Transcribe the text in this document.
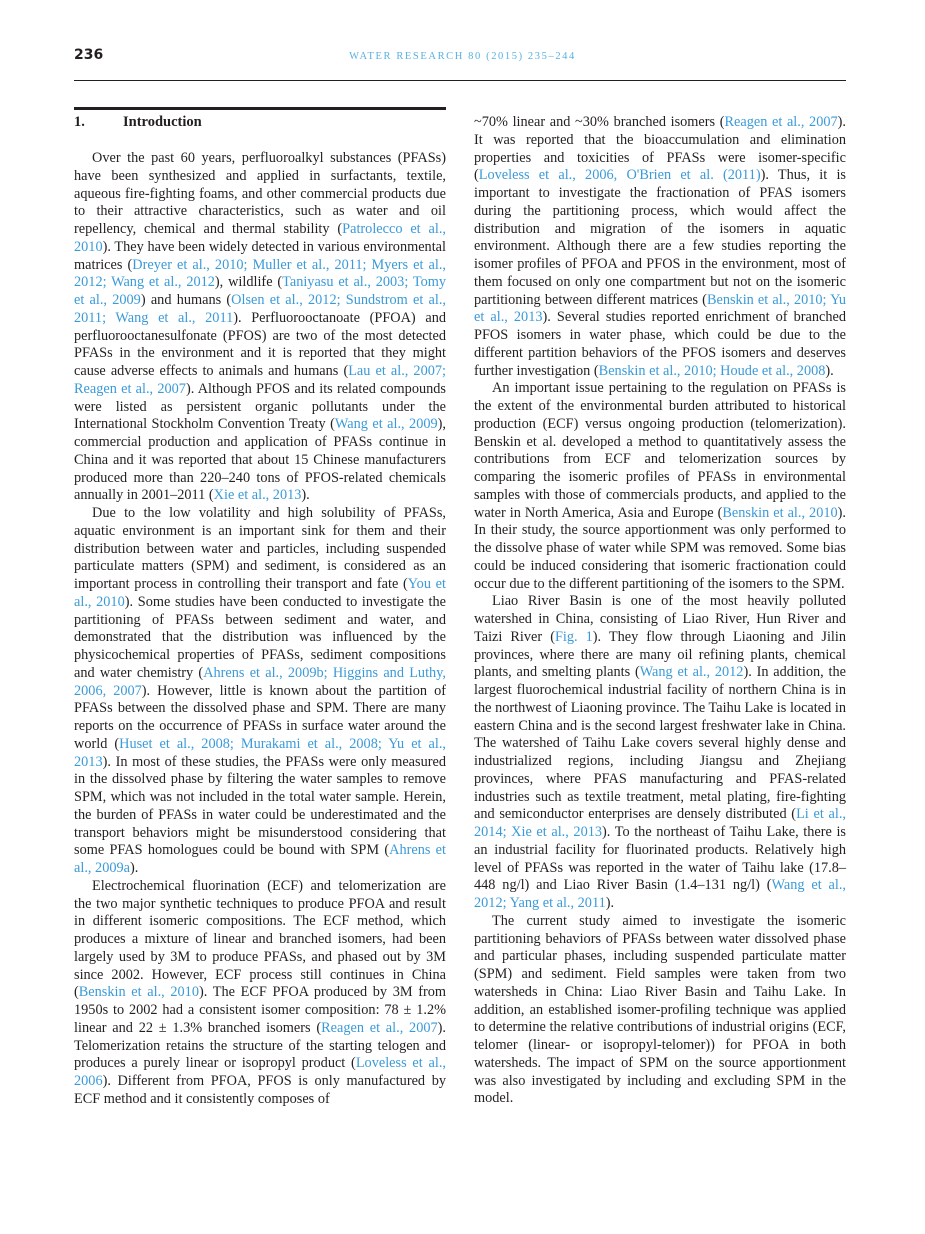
236	WATER RESEARCH 80 (2015) 235–244
1.	Introduction

Over the past 60 years, perfluoroalkyl substances (PFASs) have been synthesized and applied in surfactants, textile, aqueous fire-fighting foams, and other commercial products due to their attractive characteristics, such as water and oil repellency, chemical and thermal stability (Patrolecco et al., 2010). They have been widely detected in various environmental matrices (Dreyer et al., 2010; Muller et al., 2011; Myers et al., 2012; Wang et al., 2012), wildlife (Taniyasu et al., 2003; Tomy et al., 2009) and humans (Olsen et al., 2012; Sundstrom et al., 2011; Wang et al., 2011). Perfluorooctanoate (PFOA) and perfluorooctanesulfonate (PFOS) are two of the most detected PFASs in the environment and it is reported that they might cause adverse effects to animals and humans (Lau et al., 2007; Reagen et al., 2007). Although PFOS and its related compounds were listed as persistent organic pollutants under the International Stockholm Convention Treaty (Wang et al., 2009), commercial production and application of PFASs continue in China and it was reported that about 15 Chinese manufacturers produced more than 220–240 tons of PFOS-related chemicals annually in 2001–2011 (Xie et al., 2013).

Due to the low volatility and high solubility of PFASs, aquatic environment is an important sink for them and their distribution between water and particles, including suspended particulate matters (SPM) and sediment, is considered as an important process in controlling their transport and fate (You et al., 2010). Some studies have been conducted to investigate the partitioning of PFASs between sediment and water, and demonstrated that the distribution was influenced by the physicochemical properties of PFASs, sediment compositions and water chemistry (Ahrens et al., 2009b; Higgins and Luthy, 2006, 2007). However, little is known about the partition of PFASs between the dissolved phase and SPM. There are many reports on the occurrence of PFASs in surface water around the world (Huset et al., 2008; Murakami et al., 2008; Yu et al., 2013). In most of these studies, the PFASs were only measured in the dissolved phase by filtering the water samples to remove SPM, which was not included in the total water sample. Herein, the burden of PFASs in water could be underestimated and the transport behaviors might be misunderstood considering that some PFAS homologues could be bound with SPM (Ahrens et al., 2009a).

Electrochemical fluorination (ECF) and telomerization are the two major synthetic techniques to produce PFOA and result in different isomeric compositions. The ECF method, which produces a mixture of linear and branched isomers, had been largely used by 3M to produce PFASs, and phased out by 3M since 2002. However, ECF process still continues in China (Benskin et al., 2010). The ECF PFOA produced by 3M from 1950s to 2002 had a consistent isomer composition: 78 ± 1.2% linear and 22 ± 1.3% branched isomers (Reagen et al., 2007). Telomerization retains the structure of the starting telogen and produces a purely linear or isopropyl product (Loveless et al., 2006). Different from PFOA, PFOS is only manufactured by ECF method and it consistently composes of

~70% linear and ~30% branched isomers (Reagen et al., 2007). It was reported that the bioaccumulation and elimination properties and toxicities of PFASs were isomer-specific (Loveless et al., 2006, O'Brien et al. (2011)). Thus, it is important to investigate the fractionation of PFAS isomers during the partitioning process, which would affect the distribution and migration of the isomers in aquatic environment. Although there are a few studies reporting the isomer profiles of PFOA and PFOS in the environment, most of them focused on only one compartment but not on the isomeric partitioning between different matrices (Benskin et al., 2010; Yu et al., 2013). Several studies reported enrichment of branched PFOS isomers in water phase, which could be due to the different partition behaviors of the PFOS isomers and deserves further investigation (Benskin et al., 2010; Houde et al., 2008).

An important issue pertaining to the regulation on PFASs is the extent of the environmental burden attributed to historical production (ECF) versus ongoing production (telomerization). Benskin et al. developed a method to quantitatively assess the contributions from ECF and telomerization sources by comparing the isomeric profiles of PFASs in environmental samples with those of commercials products, and applied to the water in North America, Asia and Europe (Benskin et al., 2010). In their study, the source apportionment was only performed to the dissolve phase of water while SPM was removed. Some bias could be induced considering that isomeric fractionation could occur due to the different partitioning of the isomers to the SPM.

Liao River Basin is one of the most heavily polluted watershed in China, consisting of Liao River, Hun River and Taizi River (Fig. 1). They flow through Liaoning and Jilin provinces, where there are many oil refining plants, chemical plants, and smelting plants (Wang et al., 2012). In addition, the largest fluorochemical industrial facility of northern China is in the northwest of Liaoning province. The Taihu Lake is located in eastern China and is the second largest freshwater lake in China. The watershed of Taihu Lake covers several highly dense and industrialized regions, including Jiangsu and Zhejiang provinces, where PFAS manufacturing and PFAS-related industries such as textile treatment, metal plating, fire-fighting and semiconductor enterprises are densely distributed (Li et al., 2014; Xie et al., 2013). To the northeast of Taihu Lake, there is an industrial facility for fluorinated products. Relatively high level of PFASs was reported in the water of Taihu lake (17.8–448 ng/l) and Liao River Basin (1.4–131 ng/l) (Wang et al., 2012; Yang et al., 2011).

The current study aimed to investigate the isomeric partitioning behaviors of PFASs between water dissolved phase and particular phases, including suspended particulate matter (SPM) and sediment. Field samples were taken from two watersheds in China: Liao River Basin and Taihu Lake. In addition, an established isomer-profiling technique was applied to determine the relative contributions of industrial origins (ECF, telomer (linear- or isopropyl-telomer)) for PFOA in both watersheds. The impact of SPM on the source apportionment was also investigated by including and excluding SPM in the model.
